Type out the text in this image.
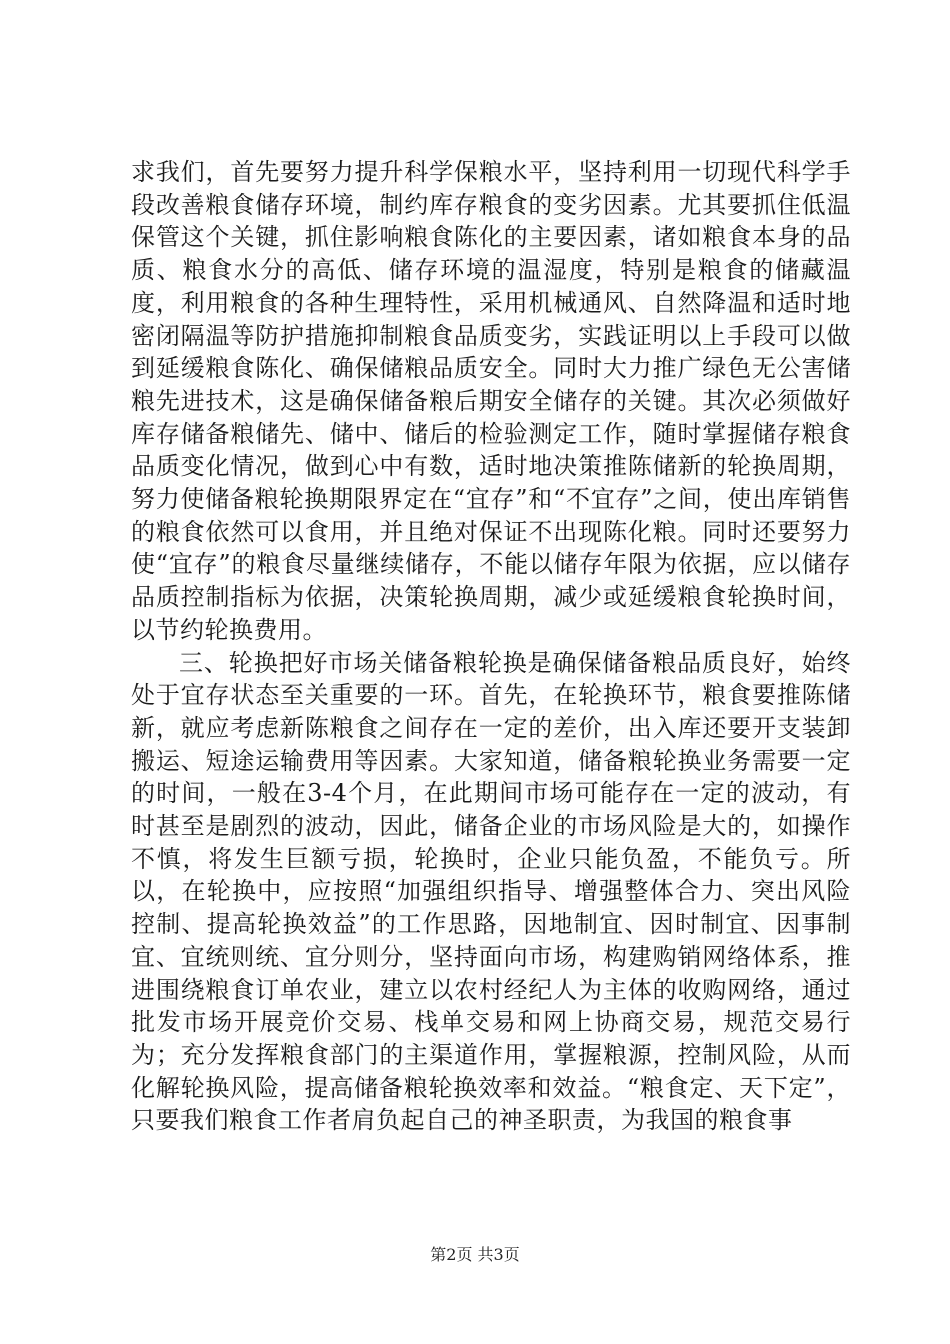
求我们，首先要努力提升科学保粮水平，坚持利用一切现代科学手段改善粮食储存环境，制约库存粮食的变劣因素。尤其要抓住低温保管这个关键，抓住影响粮食陈化的主要因素，诸如粮食本身的品质、粮食水分的高低、储存环境的温湿度，特别是粮食的储藏温度，利用粮食的各种生理特性，采用机械通风、自然降温和适时地密闭隔温等防护措施抑制粮食品质变劣，实践证明以上手段可以做到延缓粮食陈化、确保储粮品质安全。同时大力推广绿色无公害储粮先进技术，这是确保储备粮后期安全储存的关键。其次必须做好库存储备粮储先、储中、储后的检验测定工作，随时掌握储存粮食品质变化情况，做到心中有数，适时地决策推陈储新的轮换周期，努力使储备粮轮换期限界定在“宜存”和“不宜存”之间，使出库销售的粮食依然可以食用，并且绝对保证不出现陈化粮。同时还要努力使“宜存”的粮食尽量继续储存，不能以储存年限为依据，应以储存品质控制指标为依据，决策轮换周期，减少或延缓粮食轮换时间，以节约轮换费用。

三、轮换把好市场关储备粮轮换是确保储备粮品质良好，始终处于宜存状态至关重要的一环。首先，在轮换环节，粮食要推陈储新，就应考虑新陈粮食之间存在一定的差价，出入库还要开支装卸搬运、短途运输费用等因素。大家知道，储备粮轮换业务需要一定的时间，一般在3-4个月，在此期间市场可能存在一定的波动，有时甚至是剧烈的波动，因此，储备企业的市场风险是大的，如操作不慎，将发生巨额亏损，轮换时，企业只能负盈，不能负亏。所以，在轮换中，应按照“加强组织指导、增强整体合力、突出风险控制、提高轮换效益”的工作思路，因地制宜、因时制宜、因事制宜、宜统则统、宜分则分，坚持面向市场，构建购销网络体系，推进围绕粮食订单农业，建立以农村经纪人为主体的收购网络，通过批发市场开展竞价交易、栈单交易和网上协商交易，规范交易行为；充分发挥粮食部门的主渠道作用，掌握粮源，控制风险，从而化解轮换风险，提高储备粮轮换效率和效益。“粮食定、天下定”，只要我们粮食工作者肩负起自己的神圣职责，为我国的粮食事

第2页 共3页
